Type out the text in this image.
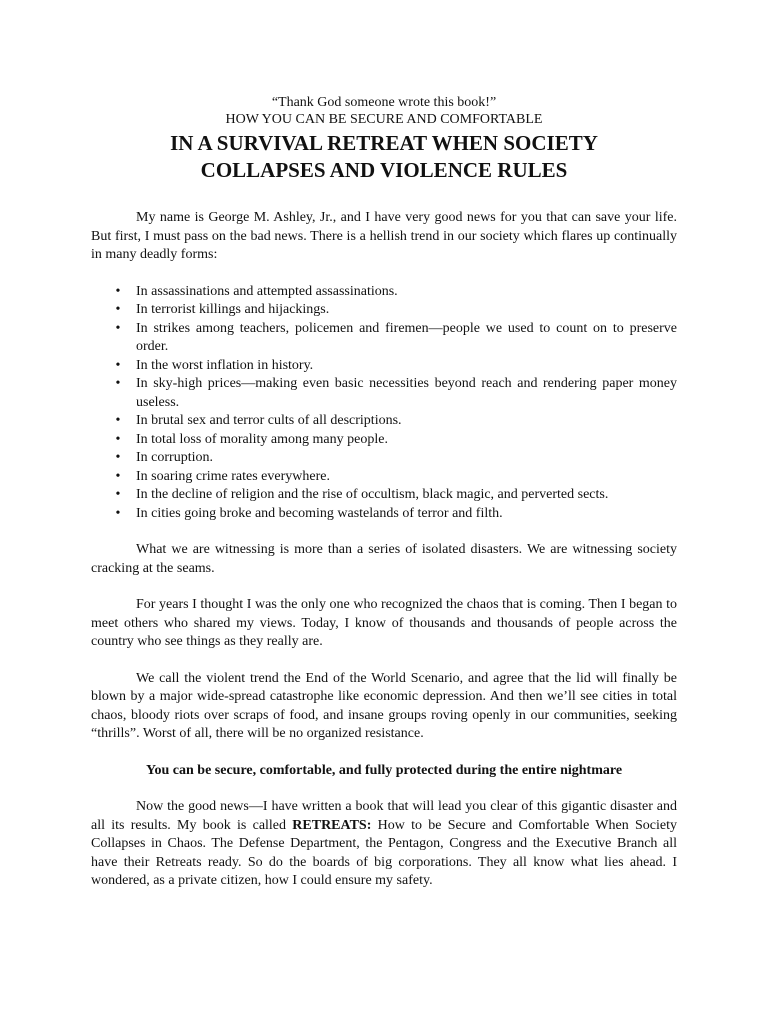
“Thank God someone wrote this book!”
HOW YOU CAN BE SECURE AND COMFORTABLE
IN A SURVIVAL RETREAT WHEN SOCIETY
COLLAPSES AND VIOLENCE RULES

My name is George M. Ashley, Jr., and I have very good news for you that can save your life. But first, I must pass on the bad news. There is a hellish trend in our society which flares up continually in many deadly forms:

• In assassinations and attempted assassinations.
• In terrorist killings and hijackings.
• In strikes among teachers, policemen and firemen—people we used to count on to preserve order.
• In the worst inflation in history.
• In sky-high prices—making even basic necessities beyond reach and rendering paper money useless.
• In brutal sex and terror cults of all descriptions.
• In total loss of morality among many people.
• In corruption.
• In soaring crime rates everywhere.
• In the decline of religion and the rise of occultism, black magic, and perverted sects.
• In cities going broke and becoming wastelands of terror and filth.

What we are witnessing is more than a series of isolated disasters. We are witnessing society cracking at the seams.

For years I thought I was the only one who recognized the chaos that is coming. Then I began to meet others who shared my views. Today, I know of thousands and thousands of people across the country who see things as they really are.

We call the violent trend the End of the World Scenario, and agree that the lid will finally be blown by a major wide-spread catastrophe like economic depression. And then we’ll see cities in total chaos, bloody riots over scraps of food, and insane groups roving openly in our communities, seeking “thrills”. Worst of all, there will be no organized resistance.

You can be secure, comfortable, and fully protected during the entire nightmare

Now the good news—I have written a book that will lead you clear of this gigantic disaster and all its results. My book is called RETREATS: How to be Secure and Comfortable When Society Collapses in Chaos. The Defense Department, the Pentagon, Congress and the Executive Branch all have their Retreats ready. So do the boards of big corporations. They all know what lies ahead. I wondered, as a private citizen, how I could ensure my safety.
